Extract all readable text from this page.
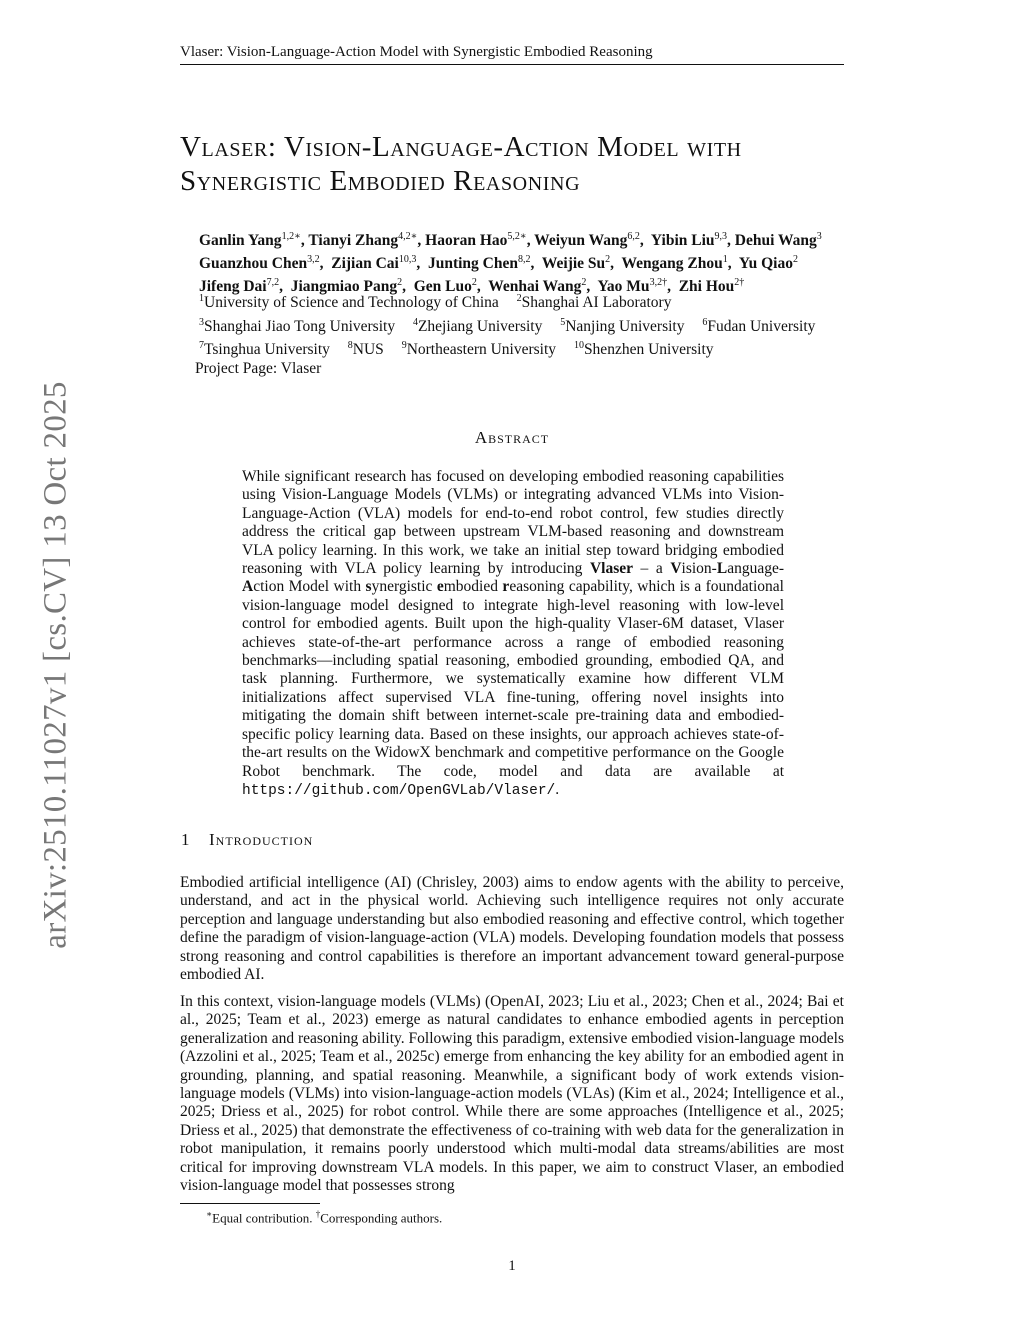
Vlaser: Vision-Language-Action Model with Synergistic Embodied Reasoning
arXiv:2510.11027v1 [cs.CV] 13 Oct 2025
Vlaser: Vision-Language-Action Model with
Synergistic Embodied Reasoning
Ganlin Yang$^{1,2∗}$, Tianyi Zhang$^{4,2∗}$, Haoran Hao$^{5,2∗}$, Weiyun Wang$^{6,2}$,  Yibin Liu$^{9,3}$, Dehui Wang$^3$
Guanzhou Chen$^{3,2}$,  Zijian Cai$^{10,3}$,  Junting Chen$^{8,2}$,  Weijie Su$^2$,  Wengang Zhou$^1$,  Yu Qiao$^2$
Jifeng Dai$^{7,2}$,  Jiangmiao Pang$^2$,  Gen Luo$^2$,  Wenhai Wang$^2$,  Yao $Mu^{3,2\dagger}$,  Zhi Hou$^{2\dagger}$
$^1$University of Science and Technology of China $^2$Shanghai AI Laboratory
$^3$Shanghai Jiao Tong University $^4$Zhejiang University $^5$Nanjing University $^6$Fudan University
$^7$Tsinghua University $^8$NUS $^9$Northeastern University $^{10}$Shenzhen University
Project Page: Vlaser
Abstract
While significant research has focused on developing embodied reasoning capabilities using Vision-Language Models (VLMs) or integrating advanced VLMs into Vision-Language-Action (VLA) models for end-to-end robot control, few studies directly address the critical gap between upstream VLM-based reasoning and downstream VLA policy learning. In this work, we take an initial step toward bridging embodied reasoning with VLA policy learning by introducing Vlaser – a Vision-Language-Action Model with synergistic embodied reasoning capability, which is a foundational vision-language model designed to integrate high-level reasoning with low-level control for embodied agents. Built upon the high-quality Vlaser-6M dataset, Vlaser achieves state-of-the-art performance across a range of embodied reasoning benchmarks—including spatial reasoning, embodied grounding, embodied QA, and task planning. Furthermore, we systematically examine how different VLM initializations affect supervised VLA fine-tuning, offering novel insights into mitigating the domain shift between internet-scale pre-training data and embodied-specific policy learning data. Based on these insights, our approach achieves state-of-the-art results on the WidowX benchmark and competitive performance on the Google Robot benchmark. The code, model and data are available at https://github.com/OpenGVLab/Vlaser/.
1 Introduction

Embodied artificial intelligence (AI) (Chrisley, 2003) aims to endow agents with the ability to perceive, understand, and act in the physical world. Achieving such intelligence requires not only accurate perception and language understanding but also embodied reasoning and effective control, which together define the paradigm of vision-language-action (VLA) models. Developing foundation models that possess strong reasoning and control capabilities is therefore an important advancement toward general-purpose embodied AI.

In this context, vision-language models (VLMs) (OpenAI, 2023; Liu et al., 2023; Chen et al., 2024; Bai et al., 2025; Team et al., 2023) emerge as natural candidates to enhance embodied agents in perception generalization and reasoning ability. Following this paradigm, extensive embodied vision-language models (Azzolini et al., 2025; Team et al., 2025c) emerge from enhancing the key ability for an embodied agent in grounding, planning, and spatial reasoning. Meanwhile, a significant body of work extends vision-language models (VLMs) into vision-language-action models (VLAs) (Kim et al., 2024; Intelligence et al., 2025; Driess et al., 2025) for robot control. While there are some approaches (Intelligence et al., 2025; Driess et al., 2025) that demonstrate the effectiveness of co-training with web data for the generalization in robot manipulation, it remains poorly understood which multi-modal data streams/abilities are most critical for improving downstream VLA models. In this paper, we aim to construct Vlaser, an embodied vision-language model that possesses strong

∗Equal contribution. †Corresponding authors.
1
